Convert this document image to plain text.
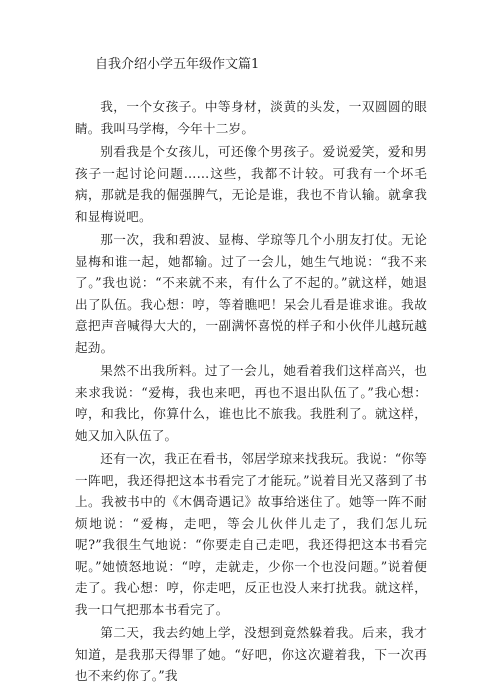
自我介绍小学五年级作文篇1

我，一个女孩子。中等身材，淡黄的头发，一双圆圆的眼睛。我叫马学梅，今年十二岁。

别看我是个女孩儿，可还像个男孩子。爱说爱笑，爱和男孩子一起讨论问题……这些，我都不计较。可我有一个坏毛病，那就是我的倔强脾气，无论是谁，我也不肯认输。就拿我和显梅说吧。

那一次，我和碧波、显梅、学琼等几个小朋友打仗。无论显梅和谁一起，她都输。过了一会儿，她生气地说：“我不来了。”我也说：“不来就不来，有什么了不起的。”就这样，她退出了队伍。我心想：哼，等着瞧吧！呆会儿看是谁求谁。我故意把声音喊得大大的，一副满怀喜悦的样子和小伙伴儿越玩越起劲。

果然不出我所料。过了一会儿，她看着我们这样高兴，也来求我说：“爱梅，我也来吧，再也不退出队伍了。”我心想：哼，和我比，你算什么，谁也比不旅我。我胜利了。就这样，她又加入队伍了。

还有一次，我正在看书，邻居学琼来找我玩。我说：“你等一阵吧，我还得把这本书看完了才能玩。”说着目光又落到了书上。我被书中的《木偶奇遇记》故事给迷住了。她等一阵不耐烦地说：“爱梅，走吧，等会儿伙伴儿走了，我们怎儿玩呢?”我很生气地说：“你要走自己走吧，我还得把这本书看完呢。”她愤怒地说：“哼，走就走，少你一个也没问题。”说着便走了。我心想：哼，你走吧，反正也没人来打扰我。就这样，我一口气把那本书看完了。

第二天，我去约她上学，没想到竟然躲着我。后来，我才知道，是我那天得罪了她。“好吧，你这次避着我，下一次再也不来约你了。”我
